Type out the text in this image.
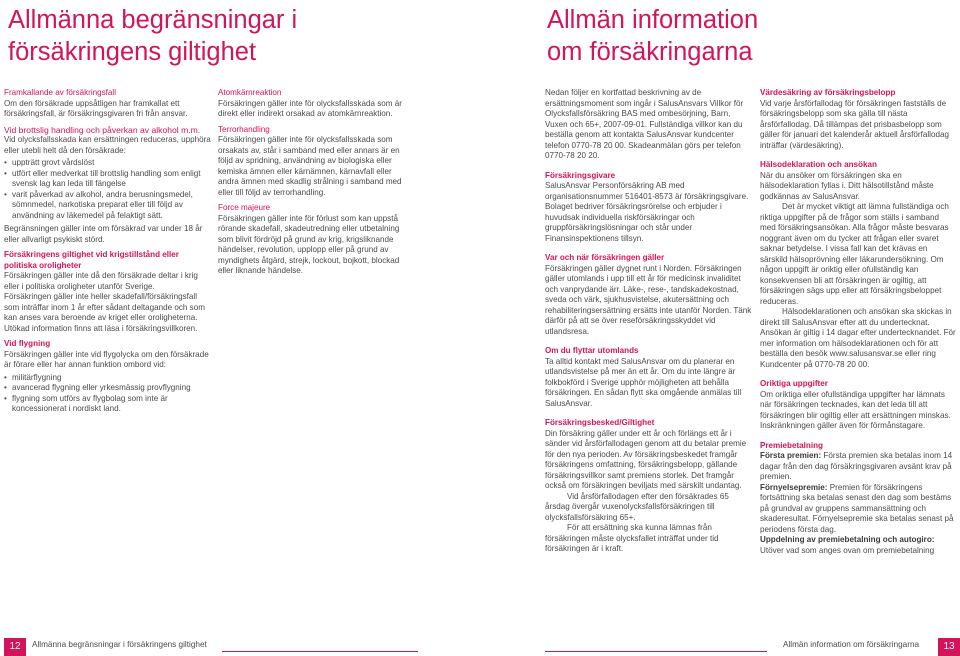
Allmänna begränsningar i
försäkringens giltighet
Allmän information
om försäkringarna
Framkallande av försäkringsfall

Om den försäkrade uppsåtligen har framkallat ett försäkringsfall, är försäkringsgivaren fri från ansvar.

Vid brottslig handling och påverkan av alkohol m.m.

Vid olycksfallsskada kan ersättningen reduceras, upphöra eller utebli helt då den försäkrade:

• uppträtt grovt vårdslöst
• utfört eller medverkat till brottslig handling som enligt svensk lag kan leda till fängelse
• varit påverkad av alkohol, andra berusningsmedel, sömnmedel, narkotiska preparat eller till följd av användning av läkemedel på felaktigt sätt.

Begränsningen gäller inte om försäkrad var under 18 år eller allvarligt psykiskt störd.

Försäkringens giltighet vid krigstillstånd eller politiska oroligheter

Försäkringen gäller inte då den försäkrade deltar i krig eller i politiska oroligheter utanför Sverige.

Försäkringen gäller inte heller skadefall/försäkringsfall som inträffar inom 1 år efter sådant deltagande och som kan anses vara beroende av kriget eller oroligheterna. Utökad information finns att läsa i försäkringsvillkoren.

Vid flygning

Försäkringen gäller inte vid flygolycka om den försäkrade är förare eller har annan funktion ombord vid:

• militärflygning
• avancerad flygning eller yrkesmässig provflygning
• flygning som utförs av flygbolag som inte är koncessionerat i nordiskt land.
Atomkärnreaktion

Försäkringen gäller inte för olycksfallsskada som är direkt eller indirekt orsakad av atomkärnreaktion.

Terrorhandling

Försäkringen gäller inte för olycksfallsskada som orsakats av, står i samband med eller annars är en följd av spridning, användning av biologiska eller kemiska ämnen eller kärnämnen, kärnavfall eller andra ämnen med skadlig strålning i samband med eller till följd av terrorhandling.

Force majeure

Försäkringen gäller inte för förlust som kan uppstå rörande skadefall, skadeutredning eller utbetalning som blivit fördröjd på grund av krig, krigsliknande händelser, revolution, upplopp eller på grund av myndighets åtgärd, strejk, lockout, bojkott, blockad eller liknande händelse.

Nedan följer en kortfattad beskrivning av de ersättningsmoment som ingår i SalusAnsvars Villkor för Olycksfallsförsäkring BAS med ombesörjning, Barn, Vuxen och 65+, 2007-09-01. Fullständiga villkor kan du beställa genom att kontakta SalusAnsvar kundcenter telefon 0770-78 20 00. Skadeanmälan görs per telefon 0770-78 20 20.

Försäkringsgivare

SalusAnsvar Personförsäkring AB med organisationsnummer 516401-8573 är försäkringsgivare. Bolaget bedriver försäkringsrörelse och erbjuder i huvudsak individuella riskförsäkringar och gruppförsäkringslösningar och står under Finansinspektionens tillsyn.

Var och när försäkringen gäller

Försäkringen gäller dygnet runt i Norden. Försäkringen gäller utomlands i upp till ett år för medicinsk invaliditet och vanprydande ärr. Läke-, rese-, tandskadekostnad, sveda och värk, sjukhusvistelse, akutersättning och rehabiliteringsersättning ersätts inte utanför Norden. Tänk därför på att se över reseförsäkringsskyddet vid utlandsresa.

Om du flyttar utomlands

Ta alltid kontakt med SalusAnsvar om du planerar en utlandsvistelse på mer än ett år. Om du inte längre är folkbokförd i Sverige upphör möjligheten att behålla försäkringen. En sådan flytt ska omgående anmälas till SalusAnsvar.

Försäkringsbesked/Giltighet

Din försäkring gäller under ett år och förlängs ett år i sänder vid årsförfallodagen genom att du betalar premie för den nya perioden. Av försäkringsbeskedet framgår försäkringens omfattning, försäkringsbelopp, gällande försäkringsvillkor samt premiens storlek. Det framgår också om försäkringen beviljats med särskilt undantag.

Vid årsförfallodagen efter den försäkrades 65 årsdag övergår vuxenolycksfallsförsäkringen till olycksfallsförsäkring 65+.

För att ersättning ska kunna lämnas från försäkringen måste olycksfallet inträffat under tid försäkringen är i kraft.

Värdesäkring av försäkringsbelopp

Vid varje årsförfallodag för försäkringen fastställs de försäkringsbelopp som ska gälla till nästa årsförfallodag. Då tillämpas det prisbasbelopp som gäller för januari det kalenderår aktuell årsförfallodag inträffar (värdesäkring).

Hälsodeklaration och ansökan

När du ansöker om försäkringen ska en hälsodeklaration fyllas i. Ditt hälsotillstånd måste godkännas av SalusAnsvar.

Det är mycket viktigt att lämna fullständiga och riktiga uppgifter på de frågor som ställs i samband med försäkringsansökan. Alla frågor måste besvaras noggrant även om du tycker att frågan eller svaret saknar betydelse. I vissa fall kan det krävas en särskild hälsoprövning eller läkarundersökning. Om någon uppgift är oriktig eller ofullständig kan konsekvensen bli att försäkringen är ogiltig, att försäkringen sägs upp eller att försäkringsbeloppet reduceras.

Hälsodeklarationen och ansökan ska skickas in direkt till SalusAnsvar efter att du undertecknat. Ansökan är giltig i 14 dagar efter undertecknandet. För mer information om hälsodeklarationen och för att beställa den besök www.salusansvar.se eller ring Kundcenter på 0770-78 20 00.

Oriktiga uppgifter

Om oriktiga eller ofullständiga uppgifter har lämnats när försäkringen tecknades, kan det leda till att försäkringen blir ogiltig eller att ersättningen minskas. Inskränkningen gäller även för förmånstagare.

Premiebetalning

Första premien: Första premien ska betalas inom 14 dagar från den dag försäkringsgivaren avsänt krav på premien.

Förnyelsepremie: Premien för försäkringens fortsättning ska betalas senast den dag som bestäms på grundval av gruppens sammansättning och skaderesultat. Förnyelsepremie ska betalas senast på periodens första dag.

Uppdelning av premiebetalning och autogiro:
Utöver vad som anges ovan om premiebetalning

12	Allmänna begränsningar i försäkringens giltighet	Allmän information om försäkringarna	13
